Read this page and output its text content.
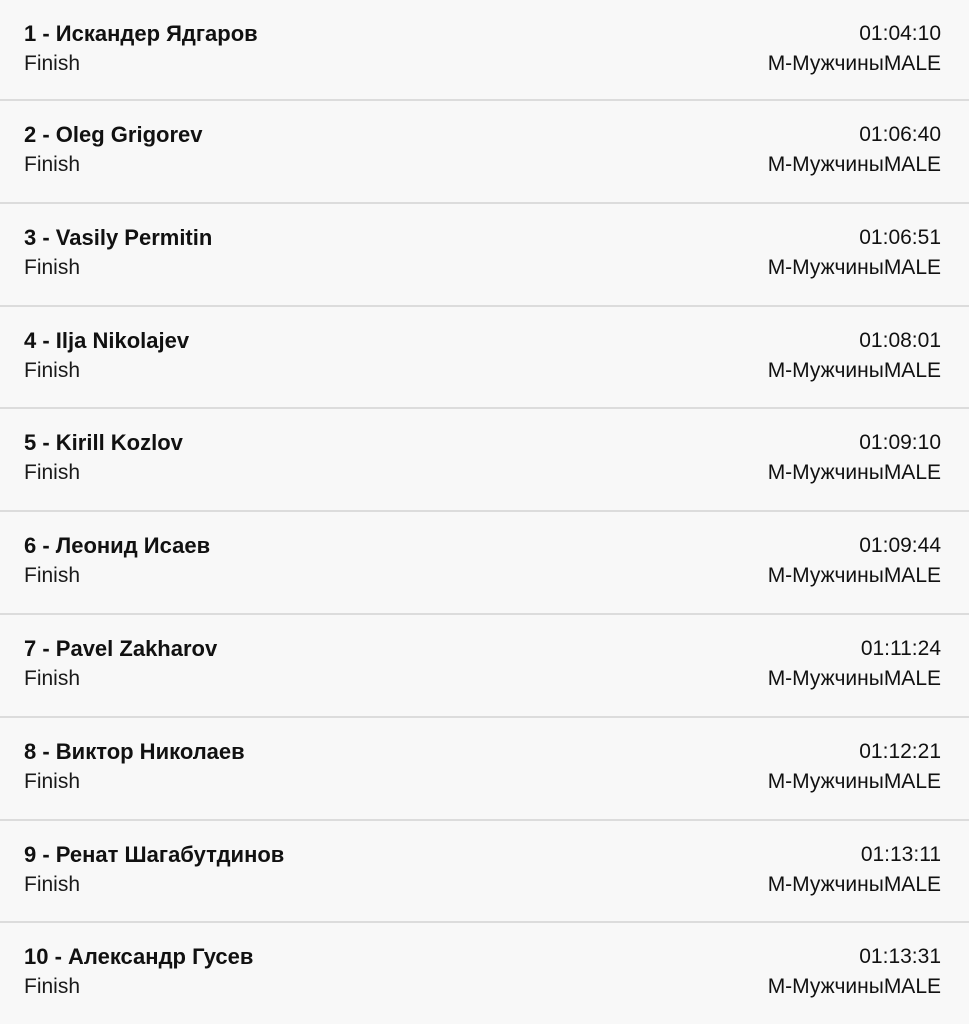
1 - Искандер Ядгаров
Finish
01:04:10
M-МужчиныMALE
2 - Oleg Grigorev
Finish
01:06:40
M-МужчиныMALE
3 - Vasily Permitin
Finish
01:06:51
M-МужчиныMALE
4 - Ilja Nikolajev
Finish
01:08:01
M-МужчиныMALE
5 - Kirill Kozlov
Finish
01:09:10
M-МужчиныMALE
6 - Леонид Исаев
Finish
01:09:44
M-МужчиныMALE
7 - Pavel Zakharov
Finish
01:11:24
M-МужчиныMALE
8 - Виктор Николаев
Finish
01:12:21
M-МужчиныMALE
9 - Ренат Шагабутдинов
Finish
01:13:11
M-МужчиныMALE
10 - Александр Гусев
Finish
01:13:31
M-МужчиныMALE
